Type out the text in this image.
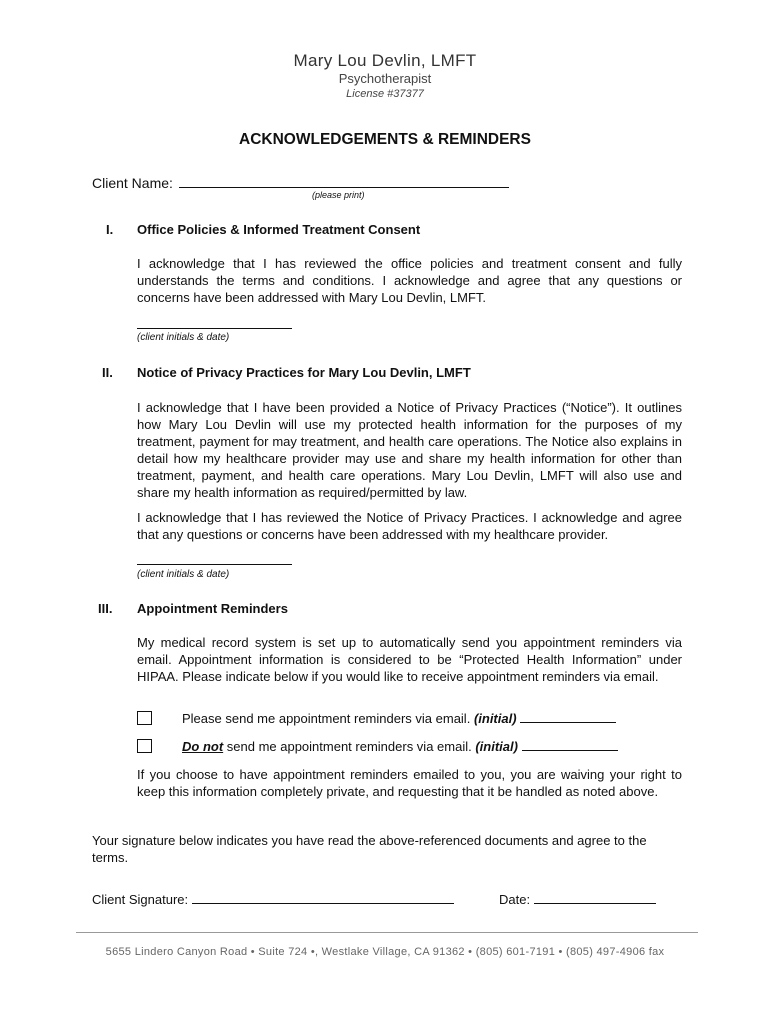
Mary Lou Devlin, LMFT
Psychotherapist
License #37377
ACKNOWLEDGEMENTS & REMINDERS
Client Name:
(please print)
I. Office Policies & Informed Treatment Consent
I acknowledge that I has reviewed the office policies and treatment consent and fully understands the terms and conditions. I acknowledge and agree that any questions or concerns have been addressed with Mary Lou Devlin, LMFT.
(client initials & date)
II. Notice of Privacy Practices for Mary Lou Devlin, LMFT
I acknowledge that I have been provided a Notice of Privacy Practices (“Notice”). It outlines how Mary Lou Devlin will use my protected health information for the purposes of my treatment, payment for may treatment, and health care operations. The Notice also explains in detail how my healthcare provider may use and share my health information for other than treatment, payment, and health care operations. Mary Lou Devlin, LMFT will also use and share my health information as required/permitted by law.
I acknowledge that I has reviewed the Notice of Privacy Practices. I acknowledge and agree that any questions or concerns have been addressed with my healthcare provider.
(client initials & date)
III. Appointment Reminders
My medical record system is set up to automatically send you appointment reminders via email. Appointment information is considered to be “Protected Health Information” under HIPAA. Please indicate below if you would like to receive appointment reminders via email.
Please send me appointment reminders via email. (initial)
Do not send me appointment reminders via email. (initial)
If you choose to have appointment reminders emailed to you, you are waiving your right to keep this information completely private, and requesting that it be handled as noted above.
Your signature below indicates you have read the above-referenced documents and agree to the terms.
Client Signature:	Date:
5655 Lindero Canyon Road • Suite 724 •, Westlake Village, CA 91362 • (805) 601-7191 • (805) 497-4906 fax
